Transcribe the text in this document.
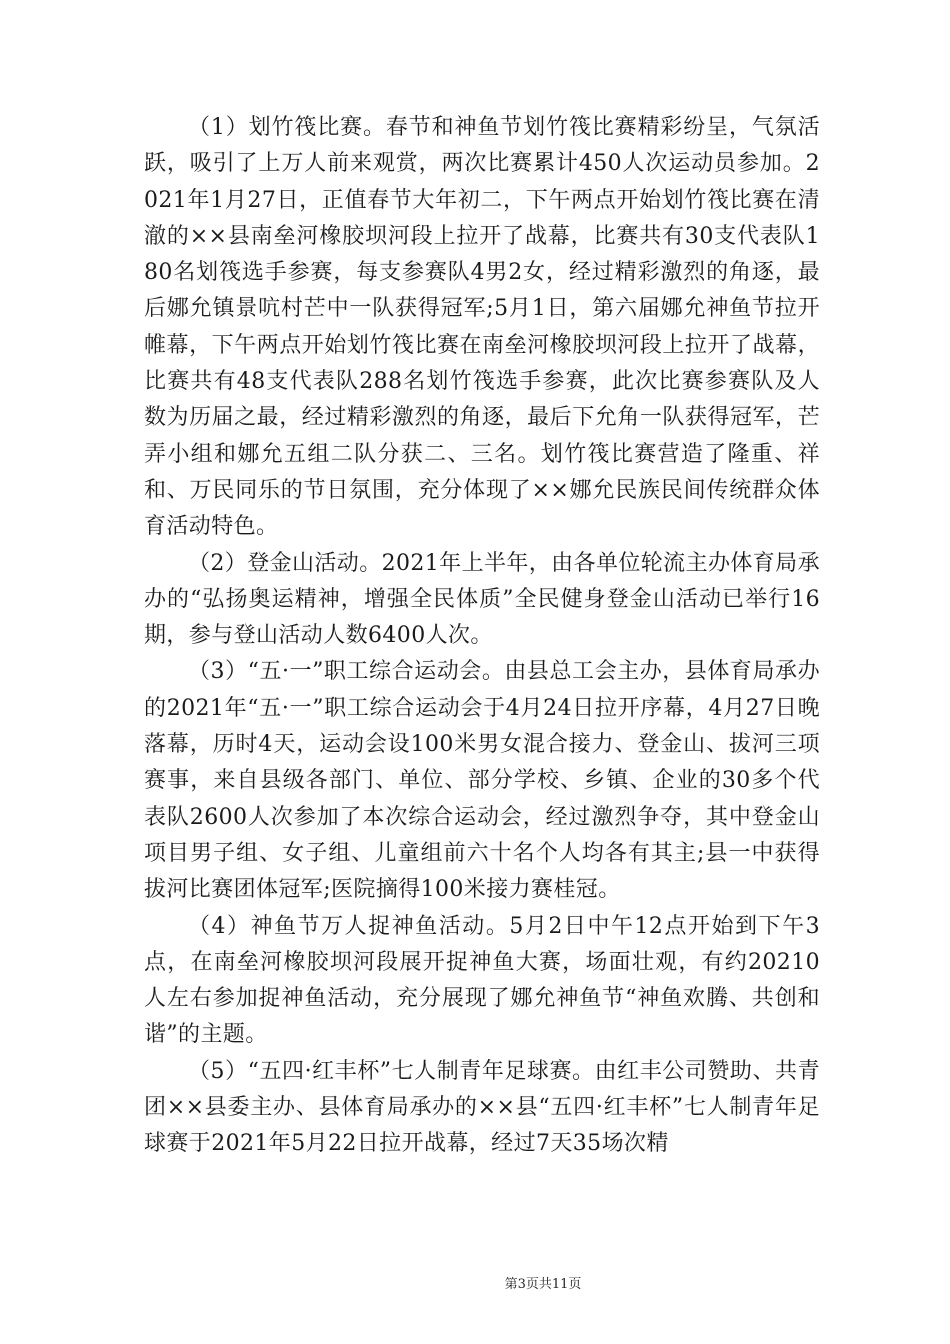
（1）划竹筏比赛。春节和神鱼节划竹筏比赛精彩纷呈，气氛活跃，吸引了上万人前来观赏，两次比赛累计450人次运动员参加。2021年1月27日，正值春节大年初二，下午两点开始划竹筏比赛在清澈的××县南垒河橡胶坝河段上拉开了战幕，比赛共有30支代表队180名划筏选手参赛，每支参赛队4男2女，经过精彩激烈的角逐，最后娜允镇景吭村芒中一队获得冠军;5月1日，第六届娜允神鱼节拉开帷幕，下午两点开始划竹筏比赛在南垒河橡胶坝河段上拉开了战幕，比赛共有48支代表队288名划竹筏选手参赛，此次比赛参赛队及人数为历届之最，经过精彩激烈的角逐，最后下允角一队获得冠军，芒弄小组和娜允五组二队分获二、三名。划竹筏比赛营造了隆重、祥和、万民同乐的节日氛围，充分体现了××娜允民族民间传统群众体育活动特色。

（2）登金山活动。2021年上半年，由各单位轮流主办体育局承办的“弘扬奥运精神，增强全民体质”全民健身登金山活动已举行16期，参与登山活动人数6400人次。

（3）“五·一”职工综合运动会。由县总工会主办，县体育局承办的2021年“五·一”职工综合运动会于4月24日拉开序幕，4月27日晚落幕，历时4天，运动会设100米男女混合接力、登金山、拔河三项赛事，来自县级各部门、单位、部分学校、乡镇、企业的30多个代表队2600人次参加了本次综合运动会，经过激烈争夺，其中登金山项目男子组、女子组、儿童组前六十名个人均各有其主;县一中获得拔河比赛团体冠军;医院摘得100米接力赛桂冠。

（4）神鱼节万人捉神鱼活动。5月2日中午12点开始到下午3点，在南垒河橡胶坝河段展开捉神鱼大赛，场面壮观，有约20210人左右参加捉神鱼活动，充分展现了娜允神鱼节“神鱼欢腾、共创和谐”的主题。

（5）“五四·红丰杯”七人制青年足球赛。由红丰公司赞助、共青团××县委主办、县体育局承办的××县“五四·红丰杯”七人制青年足球赛于2021年5月22日拉开战幕，经过7天35场次精

第3页共11页
